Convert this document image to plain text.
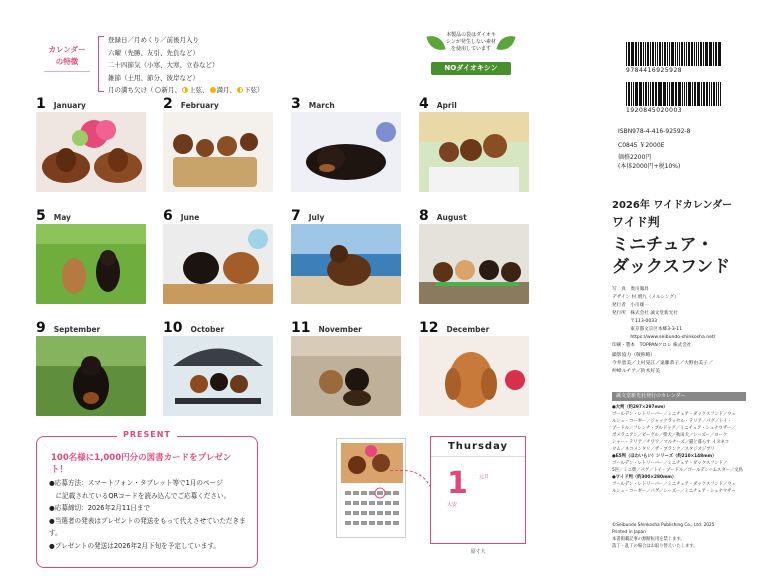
カレンダー
の特徴
登録日／月めくり／前後月入り
六曜（先勝、友引、先負など）
二十四節気（小寒、大寒、立春など）
雑節（土用、節分、彼岸など）
月の満ち欠け（ 新月、 上弦、 満月、 下弦）
本製品の袋はダイオキシンが発生しない素材を使用しています
NOダイオキシン
1 January	2 February	3 March	4 April
5 May	6 June	7 July	8 August
9 September	10 October	11 November	12 December
PRESENT
100名様に1,000円分の図書カードをプレゼント！
●応募方法：スマートフォン・タブレット等で1月のページ
　に記載されているQRコードを読み込んでご応募ください。
●応募締切：2026年2月11日まで
●当選者の発表はプレゼントの発送をもって代えさせていただきます。
●プレゼントの発送は2026年2月下旬を予定しています。
Thursday
1 元日
大安
原寸大
9784416925928
1920845020003
ISBN978-4-416-92592-8
C0845 ￥2000E
価格2200円
(本体2000円+税10%)
2026年 ワイドカレンダー
ワイド判
ミニチュア・
ダックスフンド
写　真　奥川鳳昇
デザイン 村 増九（メルシング）
発行者　小川雄一
発行所　株式会社 誠文堂新光社
　　　　〒113-0033
　　　　東京都文京区本郷3-3-11
　　　　https://www.seibundo-shinkosha.net/
印刷・製本　TOPPANクロレ 株式会社
撮影協力（敬称略）
今井恵美／上村晃江／遠藤恭子／大野由美子／
仲峰ルチア／鈴木好美
誠文堂新光社発行のカレンダー
●大判（約297×297mm）
ゴールデン・レトリーバー／ミニチュア・ダックスフンド／ウェ
ルシュ・コーギー／ジャックラッセル・テリア／パグ／トイ・
プードル／フレンチ・ブルドッグ／ミニチュア・シュナウザー／
ポメラニアン／ビーグル／柴犬／秋田犬／シーズー／ヨーク
シャー・テリア／チワワ／マルチーズ／猫と暮らす イヌネコ
ウム／ネコメンタリ／ザ・ブランク／スタジオジブリ
●E5判（ほわいらい）シリーズ（約210×148mm）
ゴールデン・レトリーバー／ミニチュア・ダックスフンド／
5匹／ミニ柴／パグ／トイ・プードル／ゴールデンハムスター／文鳥
●ワイド判（約300×280mm）
ゴールデン・レトリーバー／ミニチュア・ダックスフンド／ウェ
ルシュ・コーギー／パグ／シーズー／ミニチュア・シュナウザー
©Seibundo Shinkosha Publishing Co., Ltd. 2025
Printed in Japan
本書掲載記事の無断転用を禁じます。
落丁・乱丁の場合はお取り替えいたします。
